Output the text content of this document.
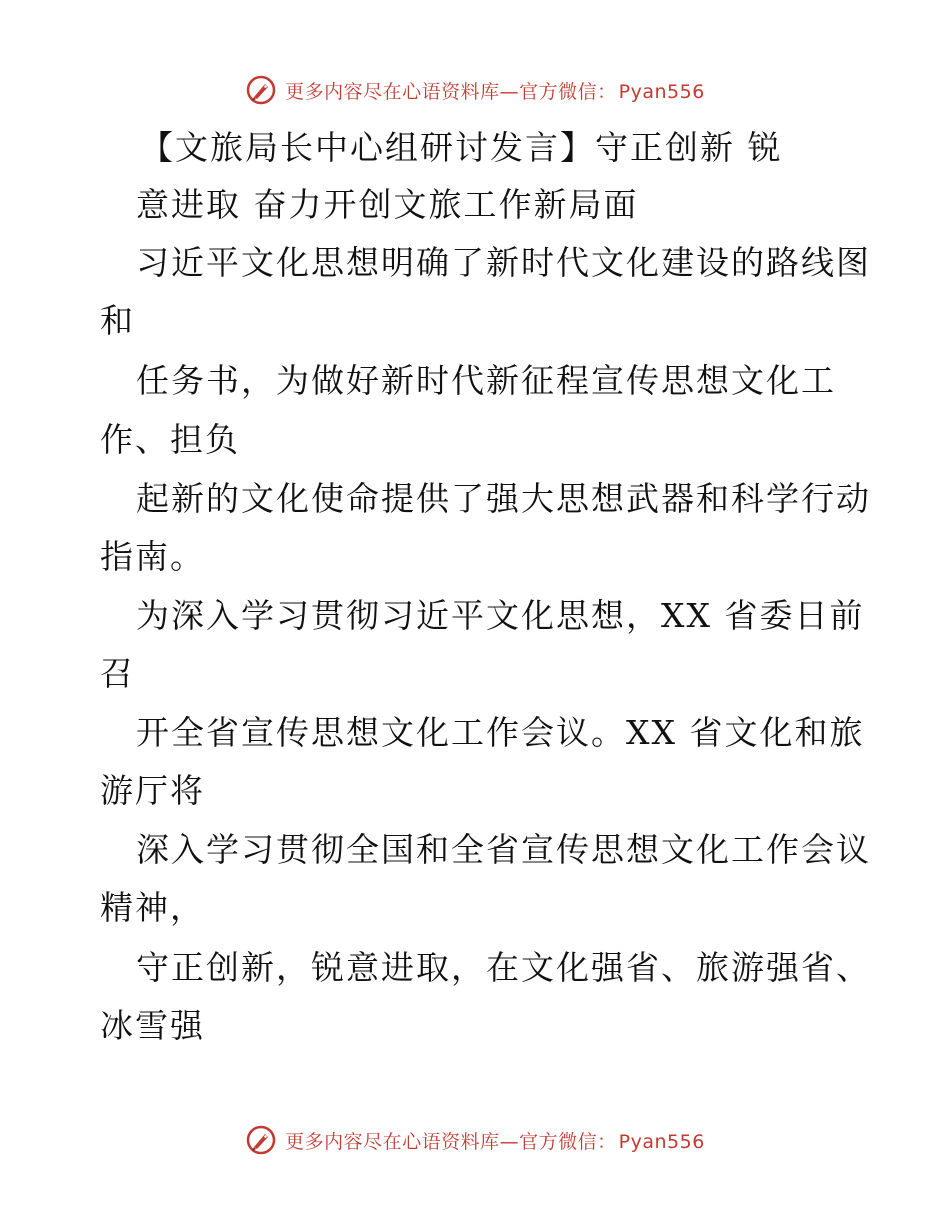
更多内容尽在心语资料库—官方微信： Pyan556
【文旅局长中心组研讨发言】守正创新 锐
意进取 奋力开创文旅工作新局面
习近平文化思想明确了新时代文化建设的路线图
和
任务书，为做好新时代新征程宣传思想文化工
作、担负
起新的文化使命提供了强大思想武器和科学行动
指南。
为深入学习贯彻习近平文化思想，XX 省委日前
召
开全省宣传思想文化工作会议。XX 省文化和旅
游厅将
深入学习贯彻全国和全省宣传思想文化工作会议
精神，
守正创新，锐意进取，在文化强省、旅游强省、
冰雪强
更多内容尽在心语资料库—官方微信： Pyan556
